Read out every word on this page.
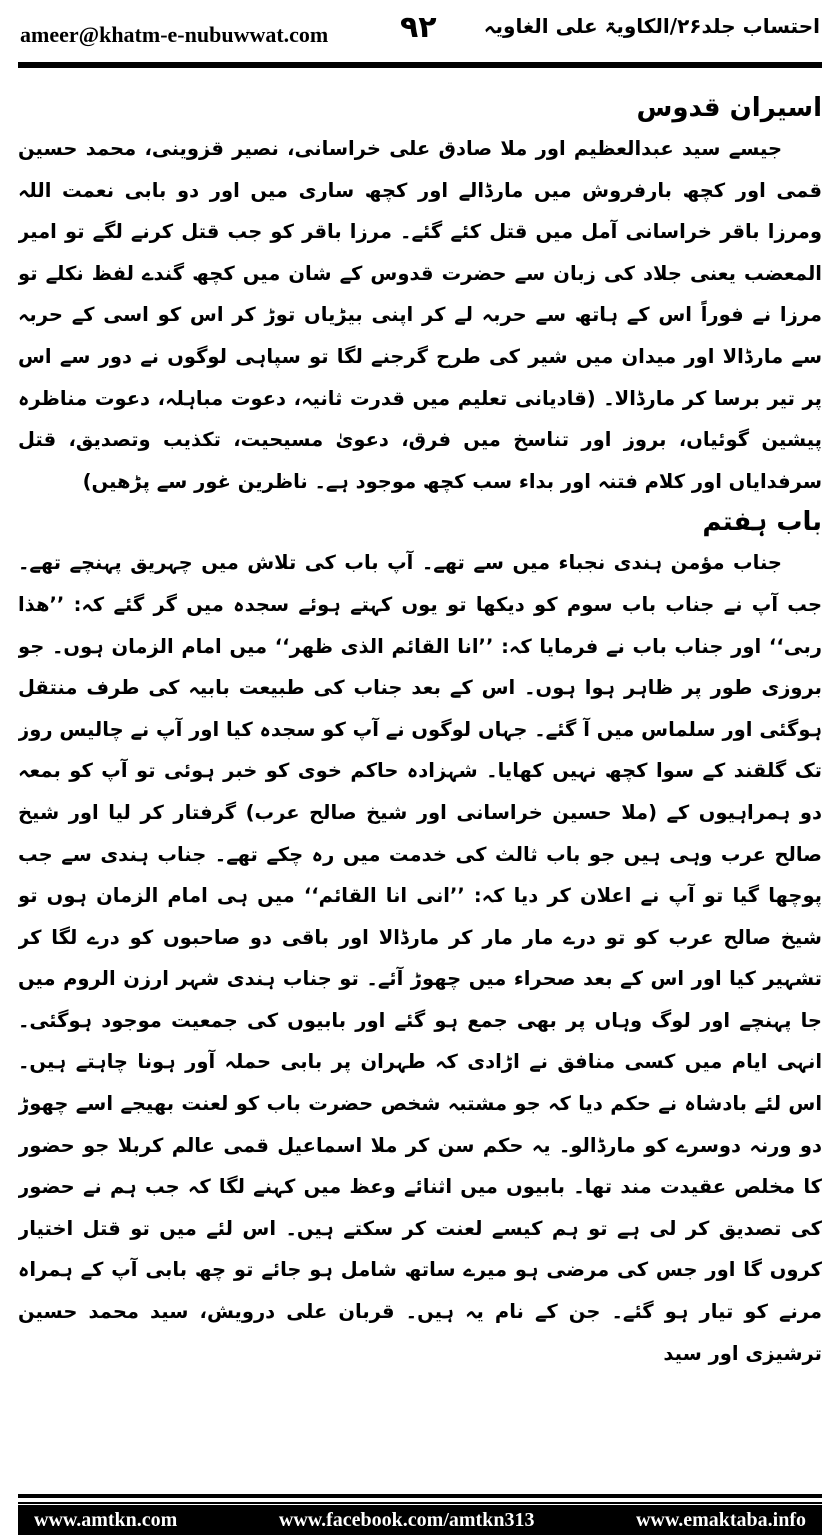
ameer@khatm-e-nubuwwat.com ۹۲ احتساب جلد۲۶/الکاویۃ علی الغاویہ

اسیران قدوس

جیسے سید عبدالعظیم اور ملا صادق علی خراسانی، نصیر قزوینی، محمد حسین قمی اور کچھ بارفروش میں مارڈالے اور کچھ ساری میں اور دو بابی نعمت اللہ ومرزا باقر خراسانی آمل میں قتل کئے گئے۔ مرزا باقر کو جب قتل کرنے لگے تو امیر المعضب یعنی جلاد کی زبان سے حضرت قدوس کے شان میں کچھ گندے لفظ نکلے تو مرزا نے فوراً اس کے ہاتھ سے حربہ لے کر اپنی بیڑیاں توڑ کر اس کو اسی کے حربہ سے مارڈالا اور میدان میں شیر کی طرح گرجنے لگا تو سپاہی لوگوں نے دور سے اس پر تیر برسا کر مارڈالا۔ (قادیانی تعلیم میں قدرت ثانیہ، دعوت مباہلہ، دعوت مناظرہ پیشین گوئیاں، بروز اور تناسخ میں فرق، دعویٰ مسیحیت، تکذیب وتصدیق، قتل سرفدایاں اور کلام فتنہ اور بداء سب کچھ موجود ہے۔ ناظرین غور سے پڑھیں)

باب ہفتم

جناب مؤمن ہندی نجباء میں سے تھے۔ آپ باب کی تلاش میں چہریق پہنچے تھے۔ جب آپ نے جناب باب سوم کو دیکھا تو یوں کہتے ہوئے سجدہ میں گر گئے کہ: ’’ھذا ربی‘‘ اور جناب باب نے فرمایا کہ: ’’انا القائم الذی ظھر‘‘ میں امام الزمان ہوں۔ جو بروزی طور پر ظاہر ہوا ہوں۔ اس کے بعد جناب کی طبیعت بابیہ کی طرف منتقل ہوگئی اور سلماس میں آ گئے۔ جہاں لوگوں نے آپ کو سجدہ کیا اور آپ نے چالیس روز تک گلقند کے سوا کچھ نہیں کھایا۔ شہزادہ حاکم خوی کو خبر ہوئی تو آپ کو بمعہ دو ہمراہیوں کے (ملا حسین خراسانی اور شیخ صالح عرب) گرفتار کر لیا اور شیخ صالح عرب وہی ہیں جو باب ثالث کی خدمت میں رہ چکے تھے۔ جناب ہندی سے جب پوچھا گیا تو آپ نے اعلان کر دیا کہ: ’’انی انا القائم‘‘ میں ہی امام الزمان ہوں تو شیخ صالح عرب کو تو درے مار مار کر مارڈالا اور باقی دو صاحبوں کو درے لگا کر تشہیر کیا اور اس کے بعد صحراء میں چھوڑ آئے۔ تو جناب ہندی شہر ارزن الروم میں جا پہنچے اور لوگ وہاں پر بھی جمع ہو گئے اور بابیوں کی جمعیت موجود ہوگئی۔ انہی ایام میں کسی منافق نے اڑادی کہ طہران پر بابی حملہ آور ہونا چاہتے ہیں۔ اس لئے بادشاہ نے حکم دیا کہ جو مشتبہ شخص حضرت باب کو لعنت بھیجے اسے چھوڑ دو ورنہ دوسرے کو مارڈالو۔ یہ حکم سن کر ملا اسماعیل قمی عالم کربلا جو حضور کا مخلص عقیدت مند تھا۔ بابیوں میں اثنائے وعظ میں کہنے لگا کہ جب ہم نے حضور کی تصدیق کر لی ہے تو ہم کیسے لعنت کر سکتے ہیں۔ اس لئے میں تو قتل اختیار کروں گا اور جس کی مرضی ہو میرے ساتھ شامل ہو جائے تو چھ بابی آپ کے ہمراہ مرنے کو تیار ہو گئے۔ جن کے نام یہ ہیں۔ قربان علی درویش، سید محمد حسین ترشیزی اور سید

www.amtkn.com	www.facebook.com/amtkn313	www.emaktaba.info
